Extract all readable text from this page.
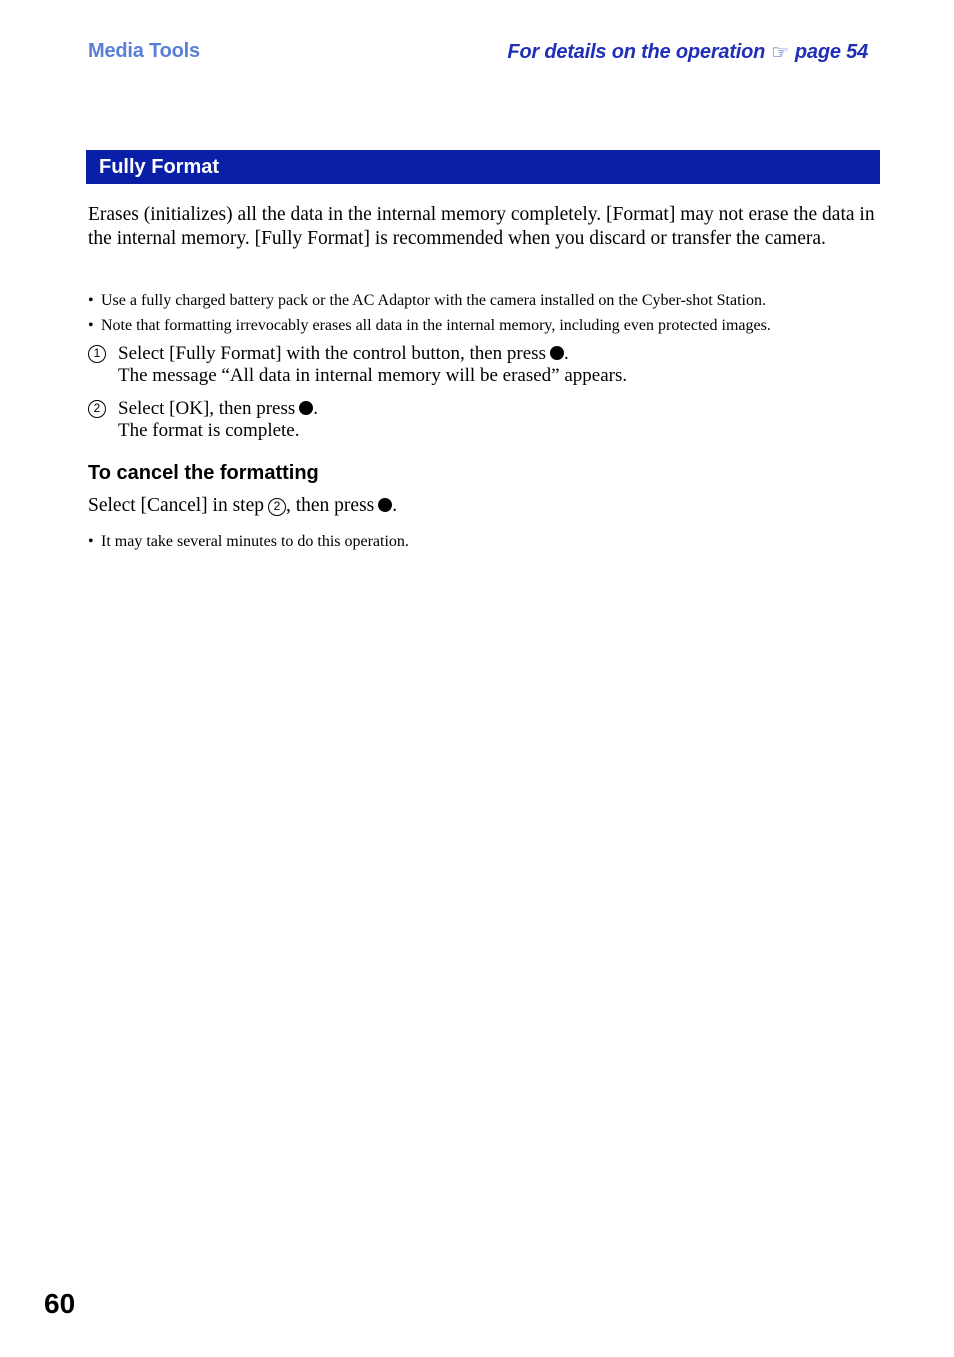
Media Tools	For details on the operation ☞ page 54
Fully Format
Erases (initializes) all the data in the internal memory completely. [Format] may not erase the data in the internal memory. [Fully Format] is recommended when you discard or transfer the camera.
• Use a fully charged battery pack or the AC Adaptor with the camera installed on the Cyber-shot Station.
• Note that formatting irrevocably erases all data in the internal memory, including even protected images.
1 Select [Fully Format] with the control button, then press .
The message “All data in internal memory will be erased” appears.
2 Select [OK], then press .
The format is complete.
To cancel the formatting
Select [Cancel] in step 2 , then press .
• It may take several minutes to do this operation.
60
